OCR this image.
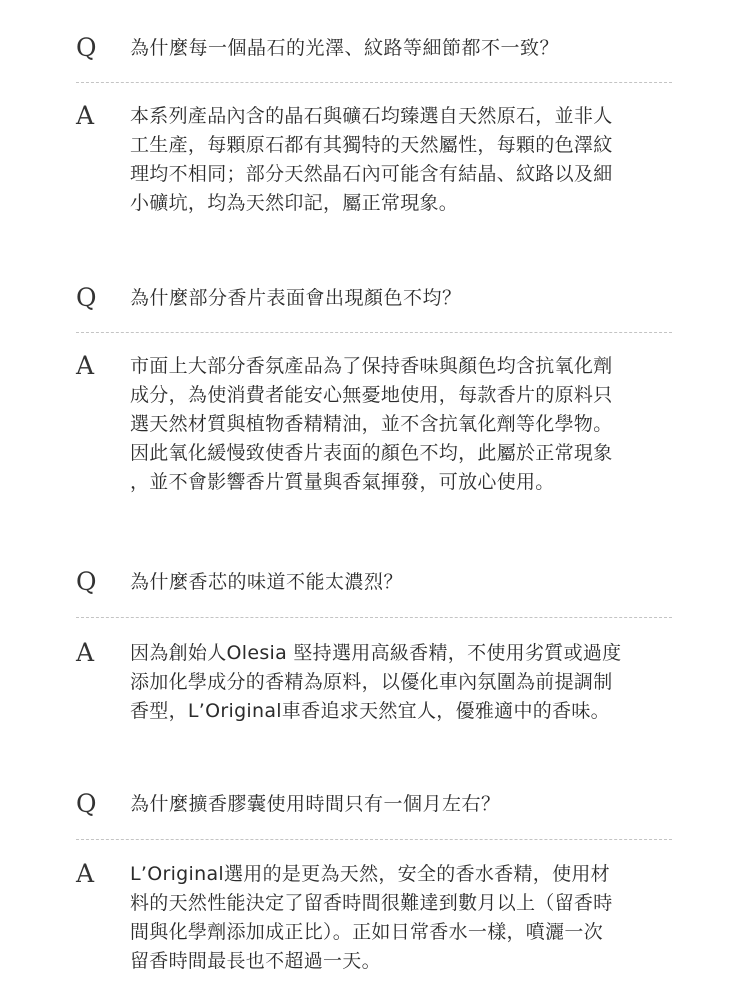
Q 為什麼每一個晶石的光澤、紋路等細節都不一致？
A 本系列產品內含的晶石與礦石均臻選自天然原石，並非人
工生產，每顆原石都有其獨特的天然屬性，每顆的色澤紋
理均不相同；部分天然晶石內可能含有結晶、紋路以及細
小礦坑，均為天然印記，屬正常現象。
Q 為什麼部分香片表面會出現顏色不均？
A 市面上大部分香氛產品為了保持香味與顏色均含抗氧化劑
成分，為使消費者能安心無憂地使用，每款香片的原料只
選天然材質與植物香精精油，並不含抗氧化劑等化學物。
因此氧化緩慢致使香片表面的顏色不均，此屬於正常現象
，並不會影響香片質量與香氣揮發，可放心使用。
Q 為什麼香芯的味道不能太濃烈？
A 因為創始人Olesia 堅持選用高級香精，不使用劣質或過度
添加化學成分的香精為原料，以優化車內氛圍為前提調制
香型，L’Original車香追求天然宜人，優雅適中的香味。
Q 為什麼擴香膠囊使用時間只有一個月左右？
A L’Original選用的是更為天然，安全的香水香精，使用材
料的天然性能決定了留香時間很難達到數月以上（留香時
間與化學劑添加成正比）。正如日常香水一樣，噴灑一次
留香時間最長也不超過一天。
